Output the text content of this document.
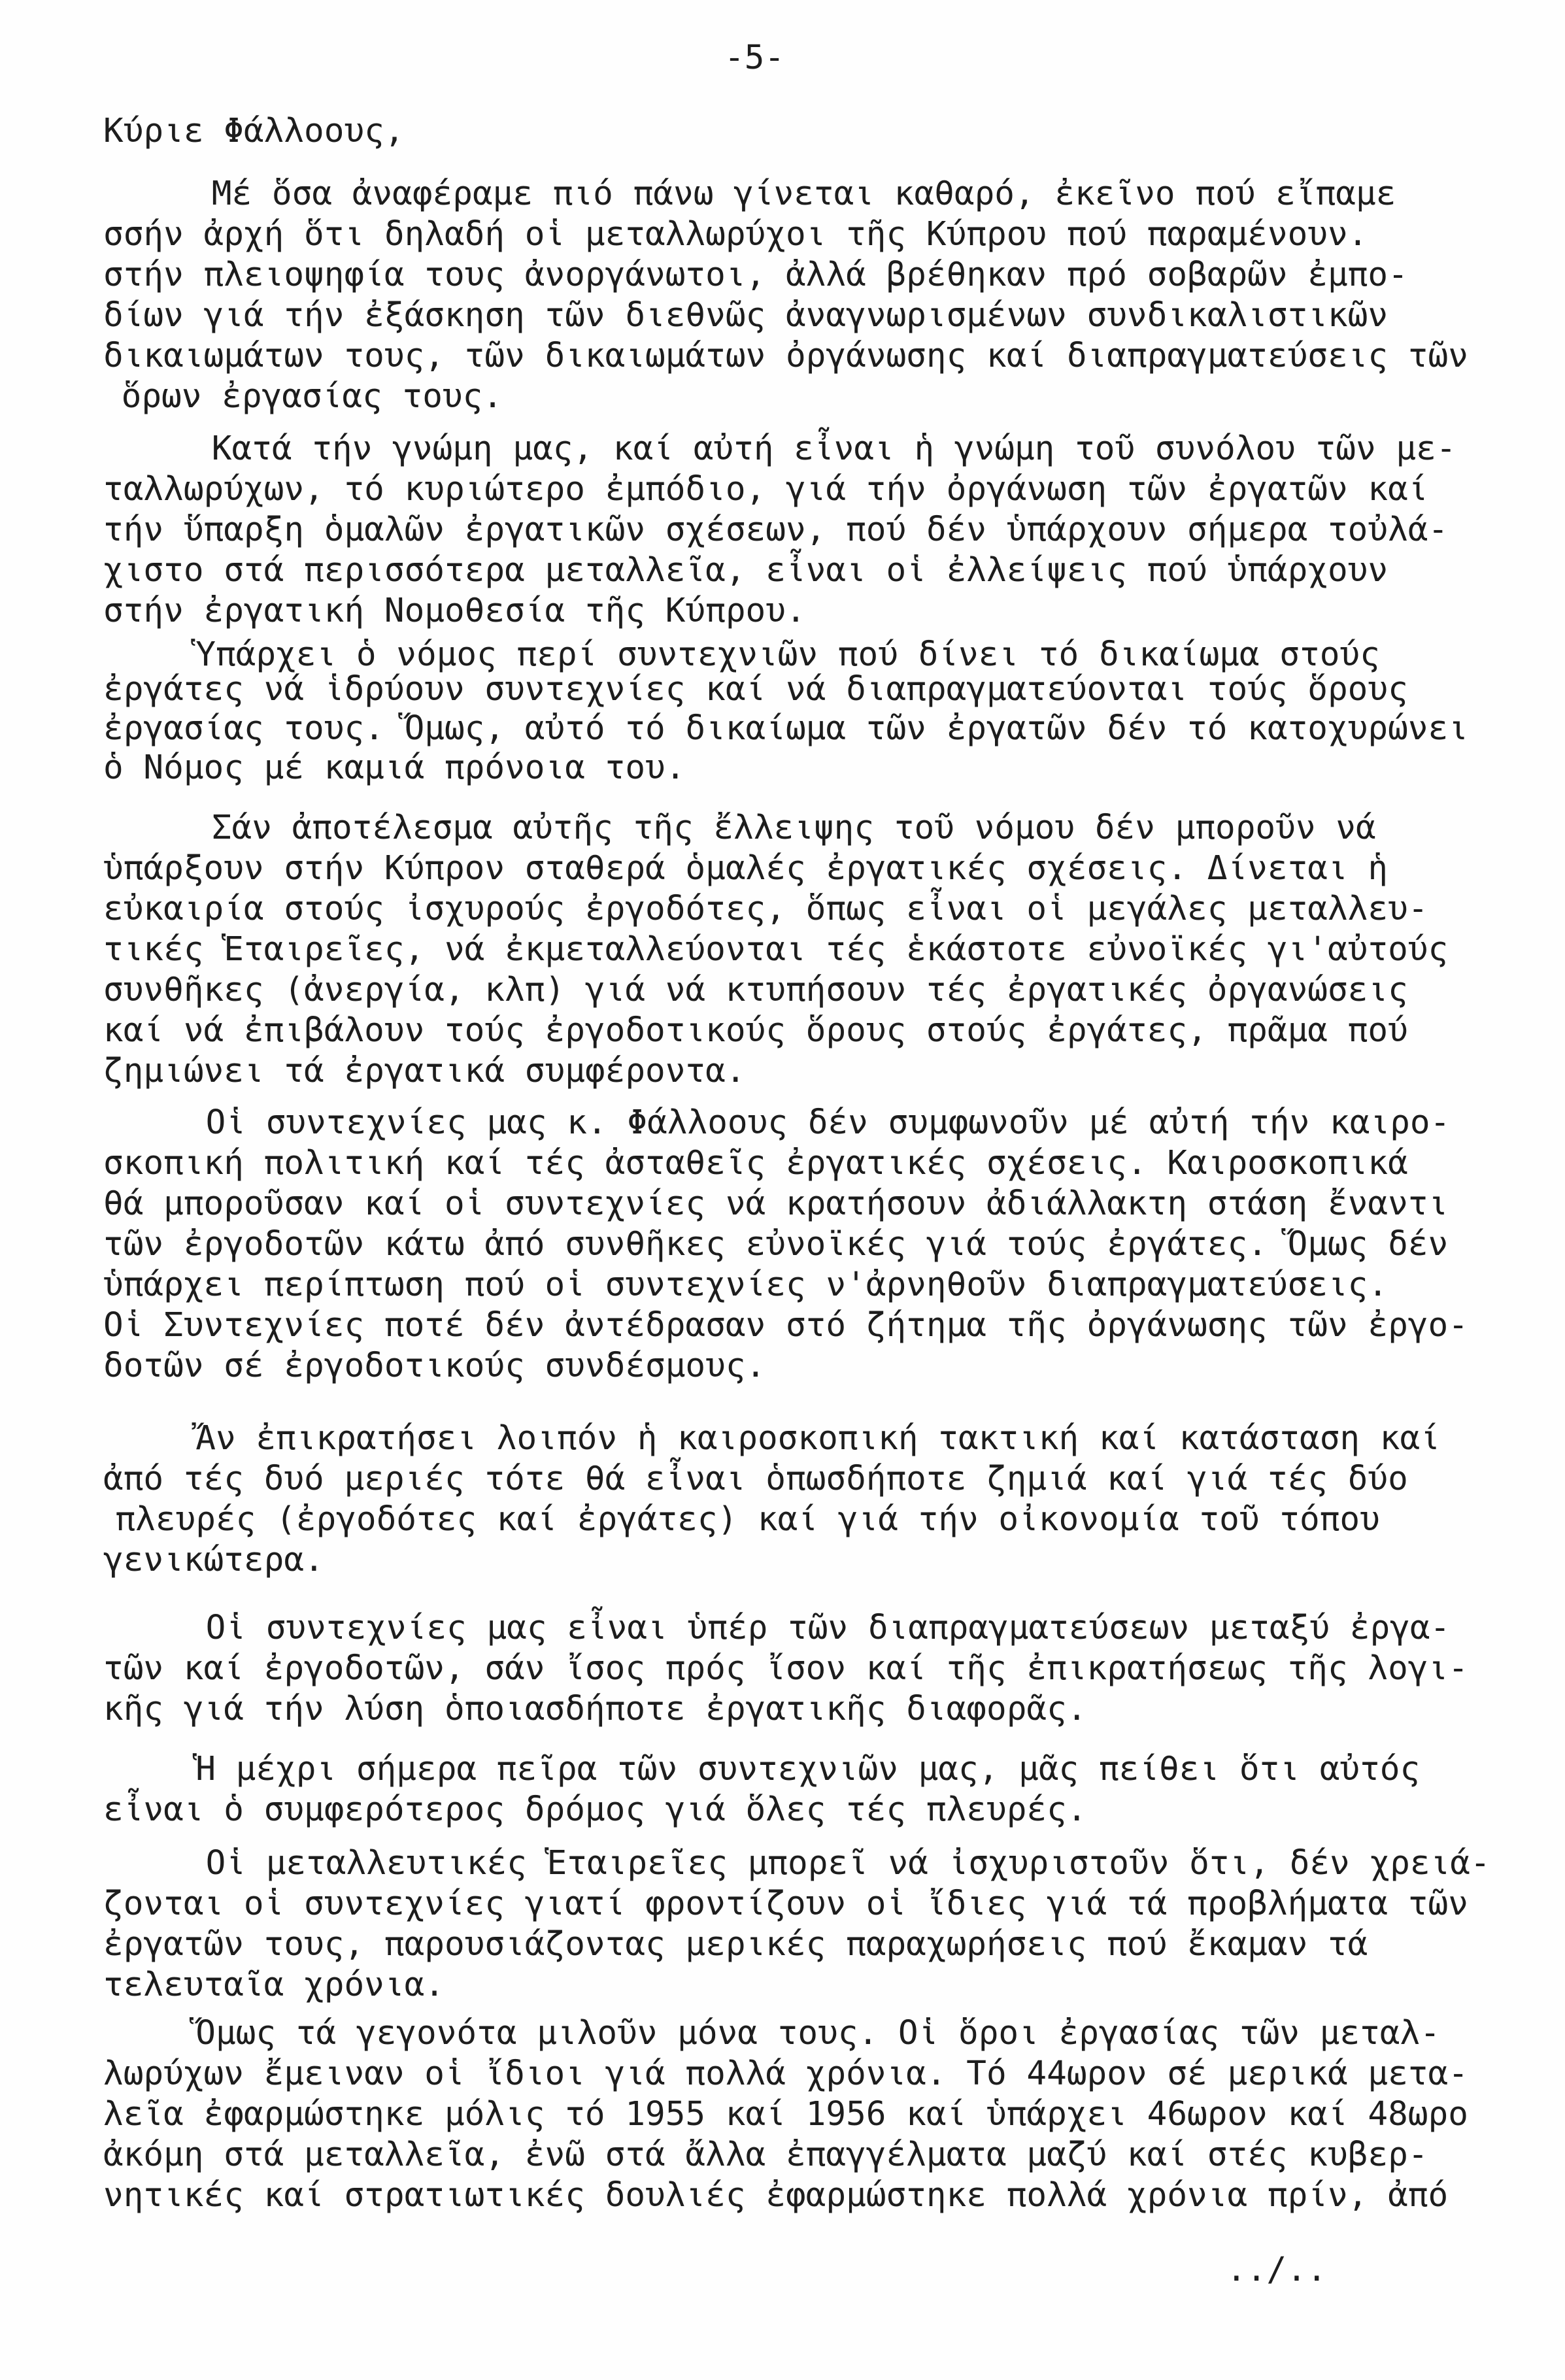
-5-
Κύριε Φάλλοους,
Μέ ὅσα ἀναφέραμε πιό πάνω γίνεται καθαρό, ἐκεῖνο πού εἴπαμε
σσήν ἀρχή ὅτι δηλαδή οἱ μεταλλωρύχοι τῆς Κύπρου πού παραμένουν.
στήν πλειοψηφία τους ἀνοργάνωτοι, ἀλλά βρέθηκαν πρό σοβαρῶν ἐμπο-
δίων γιά τήν ἐξάσκηση τῶν διεθνῶς ἀναγνωρισμένων συνδικαλιστικῶν
δικαιωμάτων τους, τῶν δικαιωμάτων ὀργάνωσης καί διαπραγματεύσεις τῶν
ὅρων ἐργασίας τους.
Κατά τήν γνώμη μας, καί αὐτή εἶναι ἡ γνώμη τοῦ συνόλου τῶν με-
ταλλωρύχων, τό κυριώτερο ἐμπόδιο, γιά τήν ὀργάνωση τῶν ἐργατῶν καί
τήν ὕπαρξη ὁμαλῶν ἐργατικῶν σχέσεων, πού δέν ὑπάρχουν σήμερα τοὐλά-
χιστο στά περισσότερα μεταλλεῖα, εἶναι οἱ ἐλλείψεις πού ὑπάρχουν
στήν ἐργατική Νομοθεσία τῆς Κύπρου.
Ὑπάρχει ὁ νόμος περί συντεχνιῶν πού δίνει τό δικαίωμα στούς
ἐργάτες νά ἱδρύουν συντεχνίες καί νά διαπραγματεύονται τούς ὅρους
ἐργασίας τους. Ὅμως, αὐτό τό δικαίωμα τῶν ἐργατῶν δέν τό κατοχυρώνει
ὁ Νόμος μέ καμιά πρόνοια του.
Σάν ἀποτέλεσμα αὐτῆς τῆς ἔλλειψης τοῦ νόμου δέν μποροῦν νά
ὑπάρξουν στήν Κύπρον σταθερά ὁμαλές ἐργατικές σχέσεις. Δίνεται ἡ
εὐκαιρία στούς ἰσχυρούς ἐργοδότες, ὅπως εἶναι οἱ μεγάλες μεταλλευ-
τικές Ἑταιρεῖες, νά ἐκμεταλλεύονται τές ἑκάστοτε εὐνοϊκές γι'αὐτούς
συνθῆκες (ἀνεργία, κλπ) γιά νά κτυπήσουν τές ἐργατικές ὀργανώσεις
καί νά ἐπιβάλουν τούς ἐργοδοτικούς ὅρους στούς ἐργάτες, πρᾶμα πού
ζημιώνει τά ἐργατικά συμφέροντα.
Οἱ συντεχνίες μας κ. Φάλλοους δέν συμφωνοῦν μέ αὐτή τήν καιρο-
σκοπική πολιτική καί τές ἀσταθεῖς ἐργατικές σχέσεις. Καιροσκοπικά
θά μποροῦσαν καί οἱ συντεχνίες νά κρατήσουν ἀδιάλλακτη στάση ἔναντι
τῶν ἐργοδοτῶν κάτω ἀπό συνθῆκες εὐνοϊκές γιά τούς ἐργάτες. Ὅμως δέν
ὑπάρχει περίπτωση πού οἱ συντεχνίες ν'ἀρνηθοῦν διαπραγματεύσεις.
Οἱ Συντεχνίες ποτέ δέν ἀντέδρασαν στό ζήτημα τῆς ὀργάνωσης τῶν ἐργο-
δοτῶν σέ ἐργοδοτικούς συνδέσμους.
Ἄν ἐπικρατήσει λοιπόν ἡ καιροσκοπική τακτική καί κατάσταση καί
ἀπό τές δυό μεριές τότε θά εἶναι ὁπωσδήποτε ζημιά καί γιά τές δύο
πλευρές (ἐργοδότες καί ἐργάτες) καί γιά τήν οἰκονομία τοῦ τόπου
γενικώτερα.
Οἱ συντεχνίες μας εἶναι ὑπέρ τῶν διαπραγματεύσεων μεταξύ ἐργα-
τῶν καί ἐργοδοτῶν, σάν ἴσος πρός ἴσον καί τῆς ἐπικρατήσεως τῆς λογι-
κῆς γιά τήν λύση ὁποιασδήποτε ἐργατικῆς διαφορᾶς.
Ἡ μέχρι σήμερα πεῖρα τῶν συντεχνιῶν μας, μᾶς πείθει ὅτι αὐτός
εἶναι ὁ συμφερότερος δρόμος γιά ὅλες τές πλευρές.
Οἱ μεταλλευτικές Ἑταιρεῖες μπορεῖ νά ἰσχυριστοῦν ὅτι, δέν χρειά-
ζονται οἱ συντεχνίες γιατί φροντίζουν οἱ ἴδιες γιά τά προβλήματα τῶν
ἐργατῶν τους, παρουσιάζοντας μερικές παραχωρήσεις πού ἔκαμαν τά
τελευταῖα χρόνια.
Ὅμως τά γεγονότα μιλοῦν μόνα τους. Οἱ ὅροι ἐργασίας τῶν μεταλ-
λωρύχων ἔμειναν οἱ ἴδιοι γιά πολλά χρόνια. Τό 44ωρον σέ μερικά μετα-
λεῖα ἐφαρμώστηκε μόλις τό 1955 καί 1956 καί ὑπάρχει 46ωρον καί 48ωρο
ἀκόμη στά μεταλλεῖα, ἐνῶ στά ἄλλα ἐπαγγέλματα μαζύ καί στές κυβερ-
νητικές καί στρατιωτικές δουλιές ἐφαρμώστηκε πολλά χρόνια πρίν, ἀπό
../..
